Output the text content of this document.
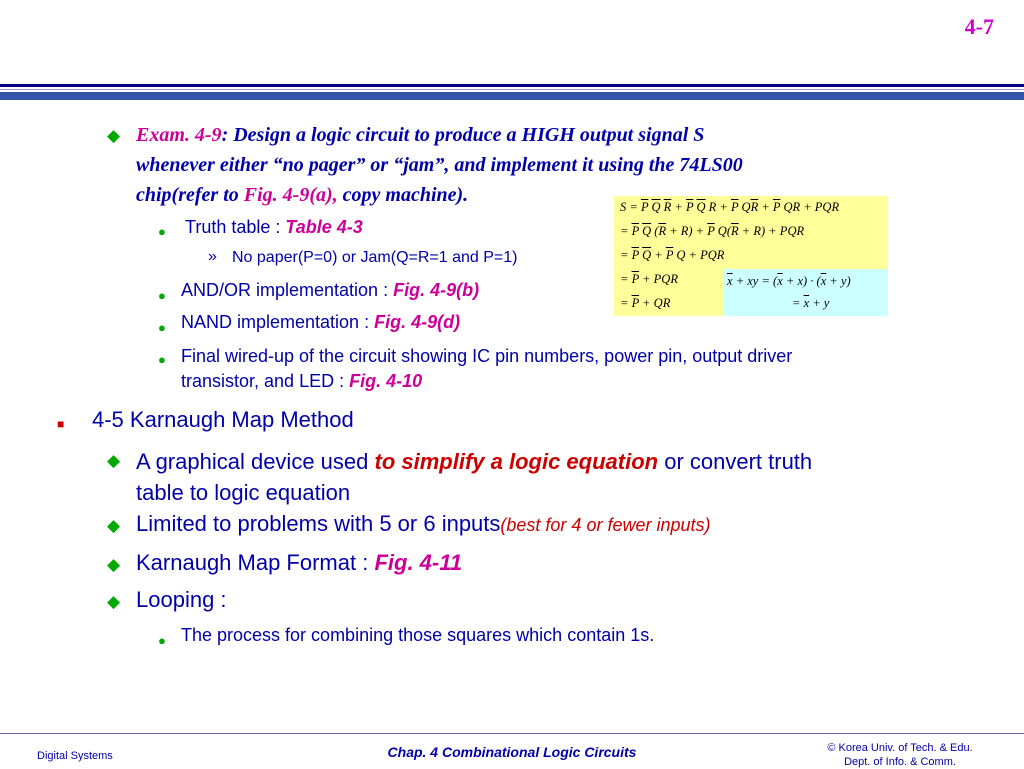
4-7
◆ Exam. 4-9: Design a logic circuit to produce a HIGH output signal S
whenever either “no pager” or “jam”, and implement it using the 74LS00
chip(refer to Fig. 4-9(a), copy machine).
● Truth table : Table 4-3
» No paper(P=0) or Jam(Q=R=1 and P=1)
● AND/OR implementation : Fig. 4-9(b)
● NAND implementation : Fig. 4-9(d)
● Final wired-up of the circuit showing IC pin numbers, power pin, output driver
transistor, and LED : Fig. 4-10
$S = \overline{P}$ $\overline{Q}$ $\overline{R} + \overline{P}$ $\overline{Q}$ $R + \overline{P}$ $Q\overline{R} + \overline{P}$ QR + PQR
= $\overline{P}$ $\overline{Q}$ $(\overline{R} + R) + \overline{P}$ $Q(\overline{R} + R)$ + PQR
= $\overline{P}$ $\overline{Q} + \overline{P}$ Q + PQR
= $\overline{P}$ + PQR
= $\overline{P}$ + QR
$\overline{x}$ + xy = $(\overline{x} + x) \cdot (\overline{x} + y)$
= $\overline{x} + y$
■ 4-5 Karnaugh Map Method
◆ A graphical device used to simplify a logic equation or convert truth
table to logic equation
◆ Limited to problems with 5 or 6 inputs(best for 4 or fewer inputs)
◆ Karnaugh Map Format : Fig. 4-11
◆ Looping :
● The process for combining those squares which contain 1s.
Digital Systems	Chap. 4 Combinational Logic Circuits	© Korea Univ. of Tech. & Edu.
Dept. of Info. & Comm.
